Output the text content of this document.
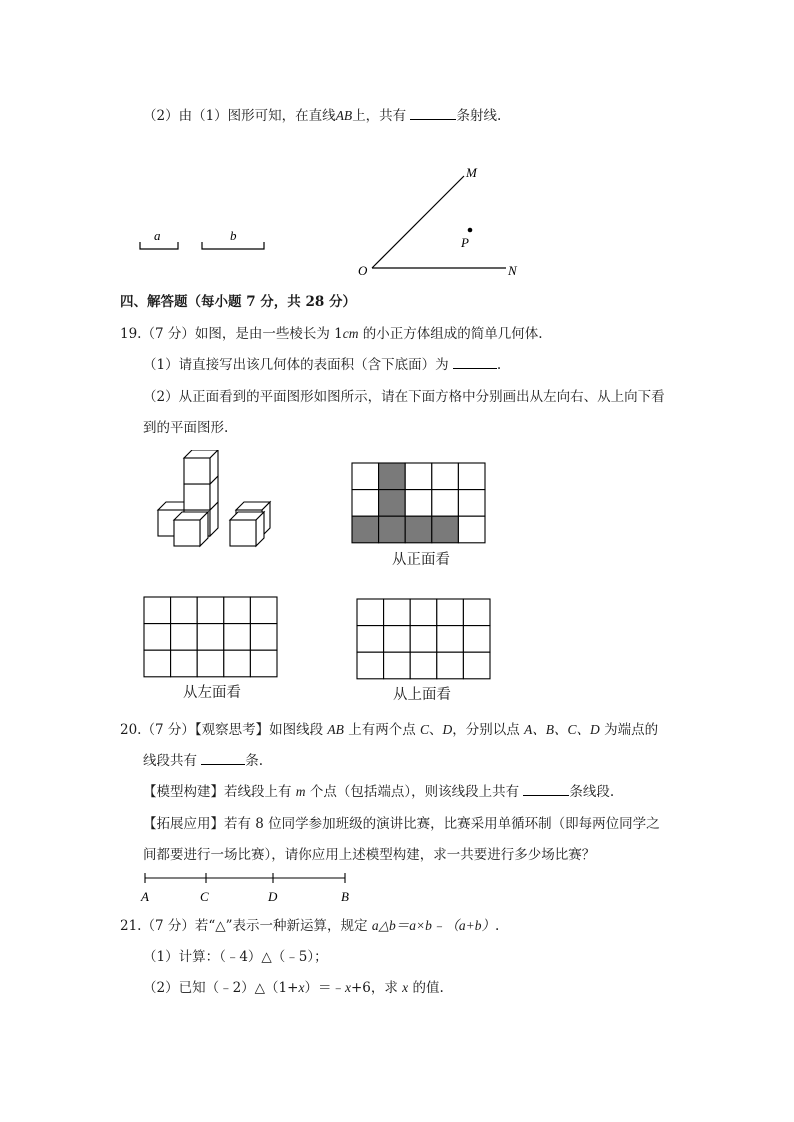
（2）由（1）图形可知，在直线AB上，共有	条射线.
a	b
M
P
O	N
四、解答题（每小题 7 分，共 28 分）
19.（7 分）如图，是由一些棱长为 1cm 的小正方体组成的简单几何体.
（1）请直接写出该几何体的表面积（含下底面）为	.
（2）从正面看到的平面图形如图所示，请在下面方格中分别画出从左向右、从上向下看
到的平面图形.
从正面看
从左面看	从上面看
20.（7 分）【观察思考】如图线段 AB 上有两个点 C、D，分别以点 A、B、C、D 为端点的
线段共有	条.
【模型构建】若线段上有 m 个点（包括端点），则该线段上共有	条线段.
【拓展应用】若有 8 位同学参加班级的演讲比赛，比赛采用单循环制（即每两位同学之
间都要进行一场比赛），请你应用上述模型构建，求一共要进行多少场比赛？
A	C	D	B
21.（7 分）若“△”表示一种新运算，规定 a△b＝a×b﹣（a+b）.
（1）计算：（﹣4）△（﹣5）；
（2）已知（﹣2）△（1+x）＝﹣x+6，求 x 的值.
